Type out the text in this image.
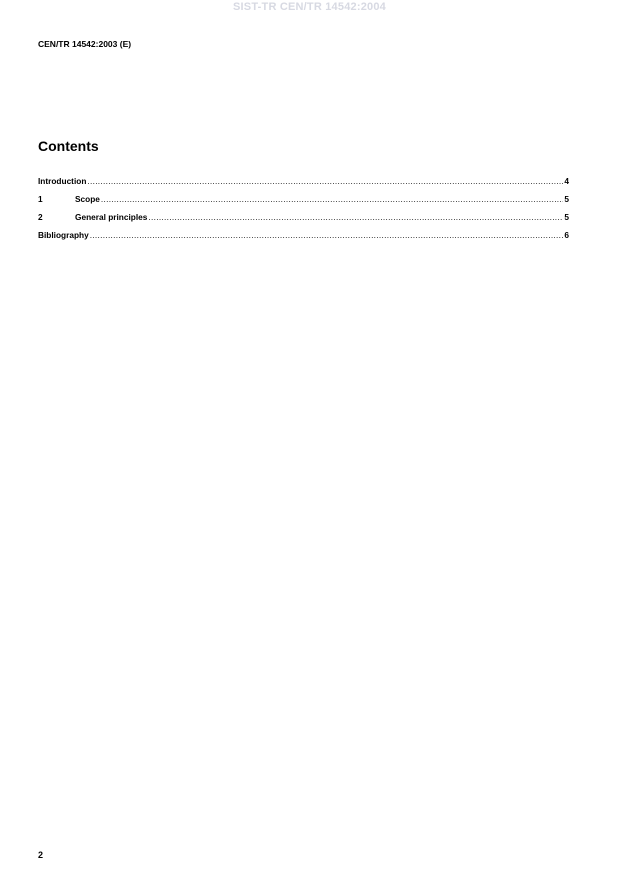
SIST-TR CEN/TR 14542:2004
CEN/TR 14542:2003 (E)
Contents
Introduction .....	4
1	Scope .....	5
2	General principles .....	5
Bibliography .....	6
2
